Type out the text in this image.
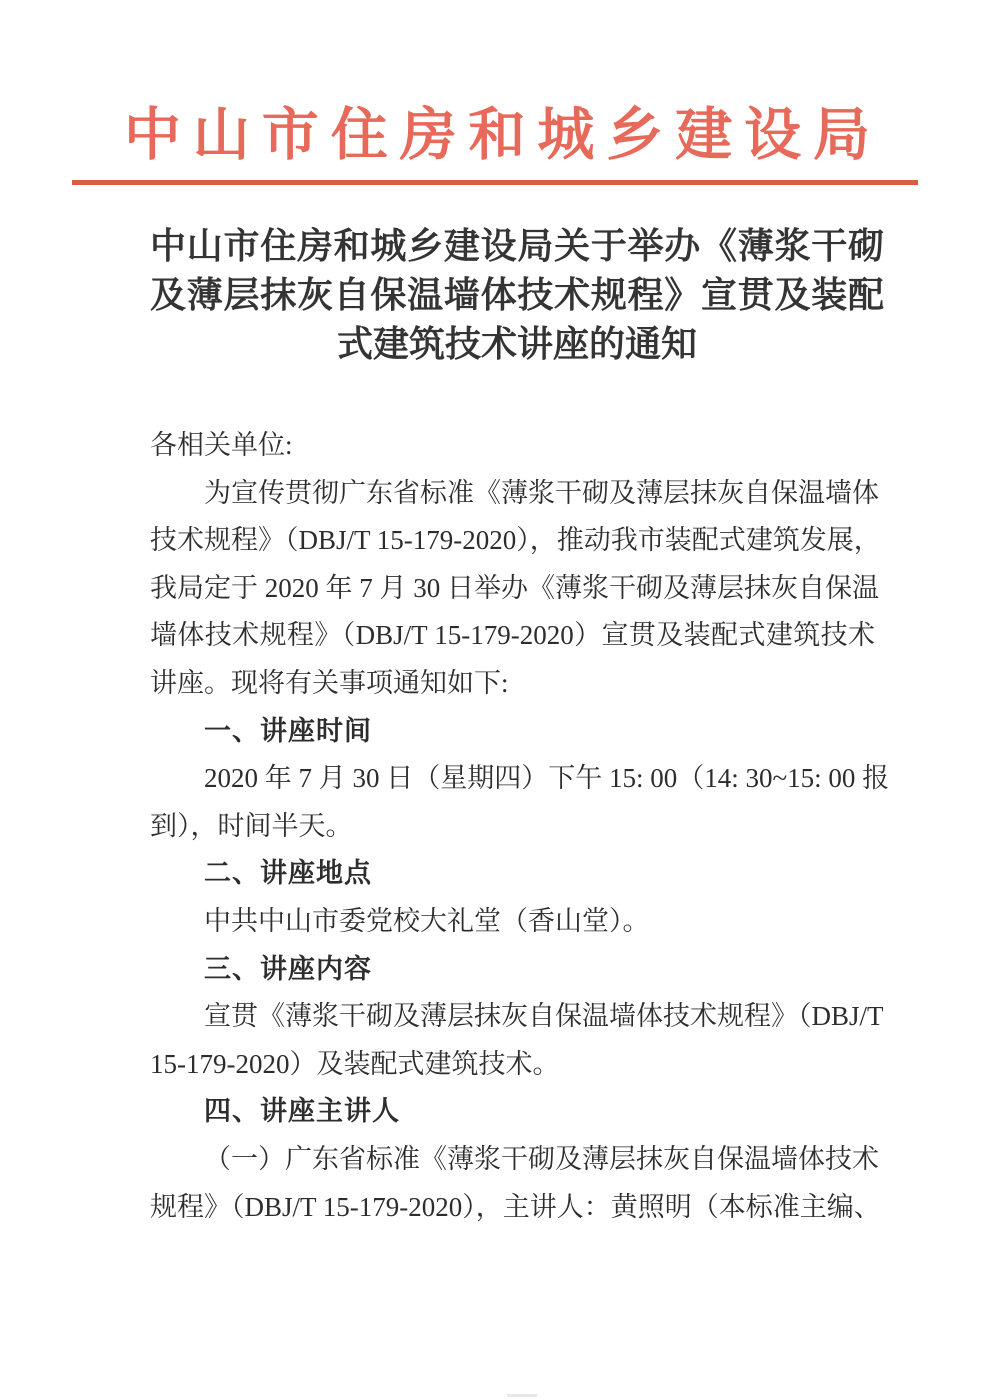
中山市住房和城乡建设局
中山市住房和城乡建设局关于举办《薄浆干砌
及薄层抹灰自保温墙体技术规程》宣贯及装配
式建筑技术讲座的通知
各相关单位:
为宣传贯彻广东省标准《薄浆干砌及薄层抹灰自保温墙体
技术规程》（DBJ/T 15-179-2020），推动我市装配式建筑发展，
我局定于 2020 年 7 月 30 日举办《薄浆干砌及薄层抹灰自保温
墙体技术规程》（DBJ/T 15-179-2020）宣贯及装配式建筑技术
讲座。现将有关事项通知如下:
一、讲座时间
2020 年 7 月 30 日（星期四）下午 15: 00（14: 30~15: 00 报
到），时间半天。
二、讲座地点
中共中山市委党校大礼堂（香山堂）。
三、讲座内容
宣贯《薄浆干砌及薄层抹灰自保温墙体技术规程》（DBJ/T
15-179-2020）及装配式建筑技术。
四、讲座主讲人
（一）广东省标准《薄浆干砌及薄层抹灰自保温墙体技术
规程》（DBJ/T 15-179-2020），主讲人：黄照明（本标准主编、
